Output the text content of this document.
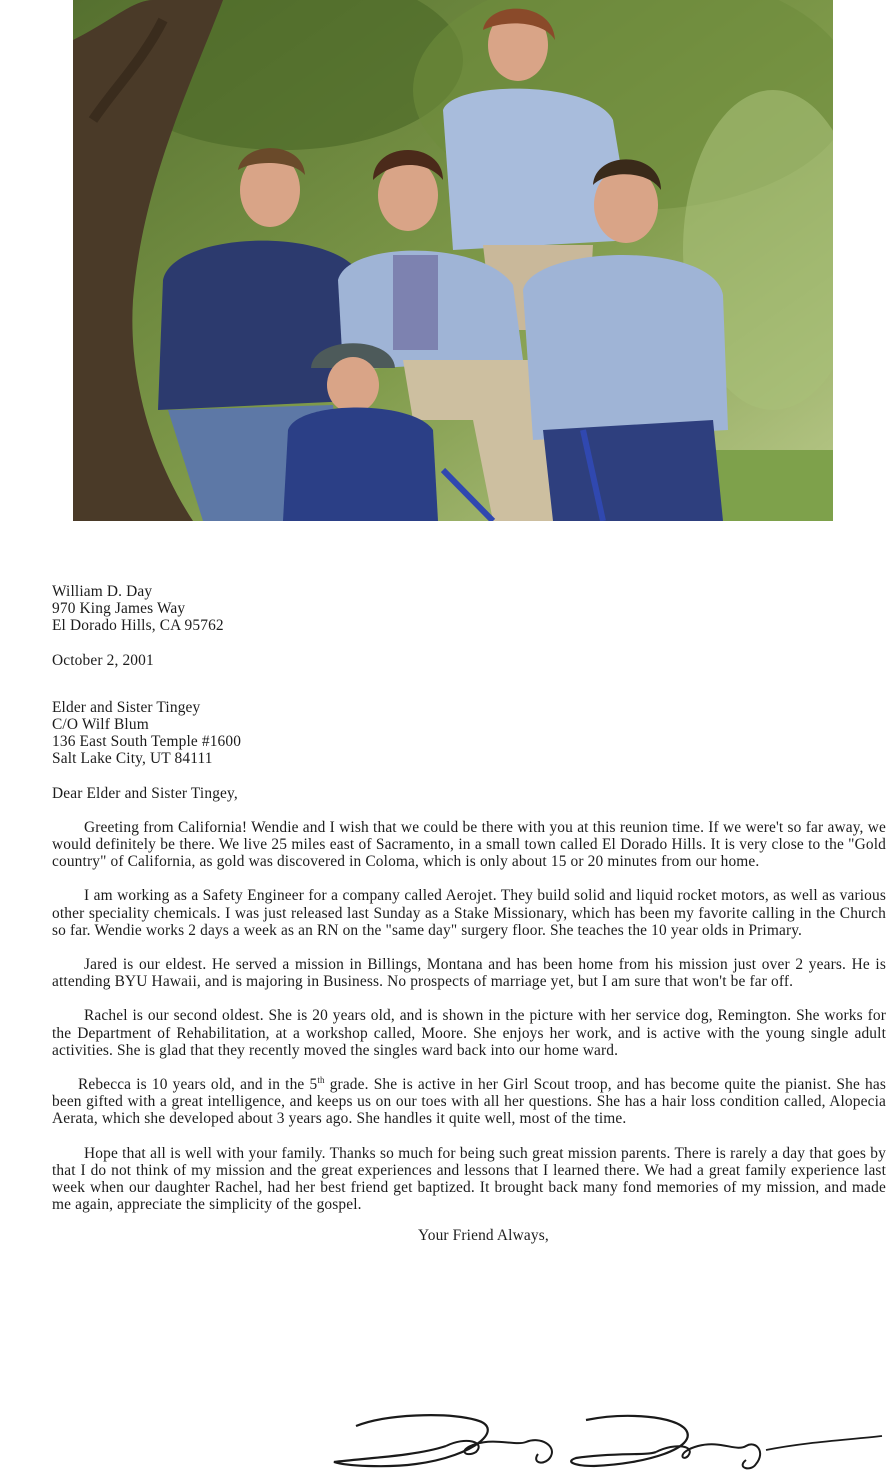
William D. Day
970 King James Way
El Dorado Hills, CA 95762
October 2, 2001
Elder and Sister Tingey
C/O Wilf Blum
136 East South Temple #1600
Salt Lake City, UT 84111
Dear Elder and Sister Tingey,

Greeting from California! Wendie and I wish that we could be there with you at this reunion time. If we were't so far away, we would definitely be there. We live 25 miles east of Sacramento, in a small town called El Dorado Hills. It is very close to the "Gold country" of California, as gold was discovered in Coloma, which is only about 15 or 20 minutes from our home.

I am working as a Safety Engineer for a company called Aerojet. They build solid and liquid rocket motors, as well as various other speciality chemicals. I was just released last Sunday as a Stake Missionary, which has been my favorite calling in the Church so far. Wendie works 2 days a week as an RN on the "same day" surgery floor. She teaches the 10 year olds in Primary.

Jared is our eldest. He served a mission in Billings, Montana and has been home from his mission just over 2 years. He is attending BYU Hawaii, and is majoring in Business. No prospects of marriage yet, but I am sure that won't be far off.

Rachel is our second oldest. She is 20 years old, and is shown in the picture with her service dog, Remington. She works for the Department of Rehabilitation, at a workshop called, Moore. She enjoys her work, and is active with the young single adult activities. She is glad that they recently moved the singles ward back into our home ward.

Rebecca is 10 years old, and in the 5th grade. She is active in her Girl Scout troop, and has become quite the pianist. She has been gifted with a great intelligence, and keeps us on our toes with all her questions. She has a hair loss condition called, Alopecia Aerata, which she developed about 3 years ago. She handles it quite well, most of the time.

Hope that all is well with your family. Thanks so much for being such great mission parents. There is rarely a day that goes by that I do not think of my mission and the great experiences and lessons that I learned there. We had a great family experience last week when our daughter Rachel, had her best friend get baptized. It brought back many fond memories of my mission, and made me again, appreciate the simplicity of the gospel.

Your Friend Always,
